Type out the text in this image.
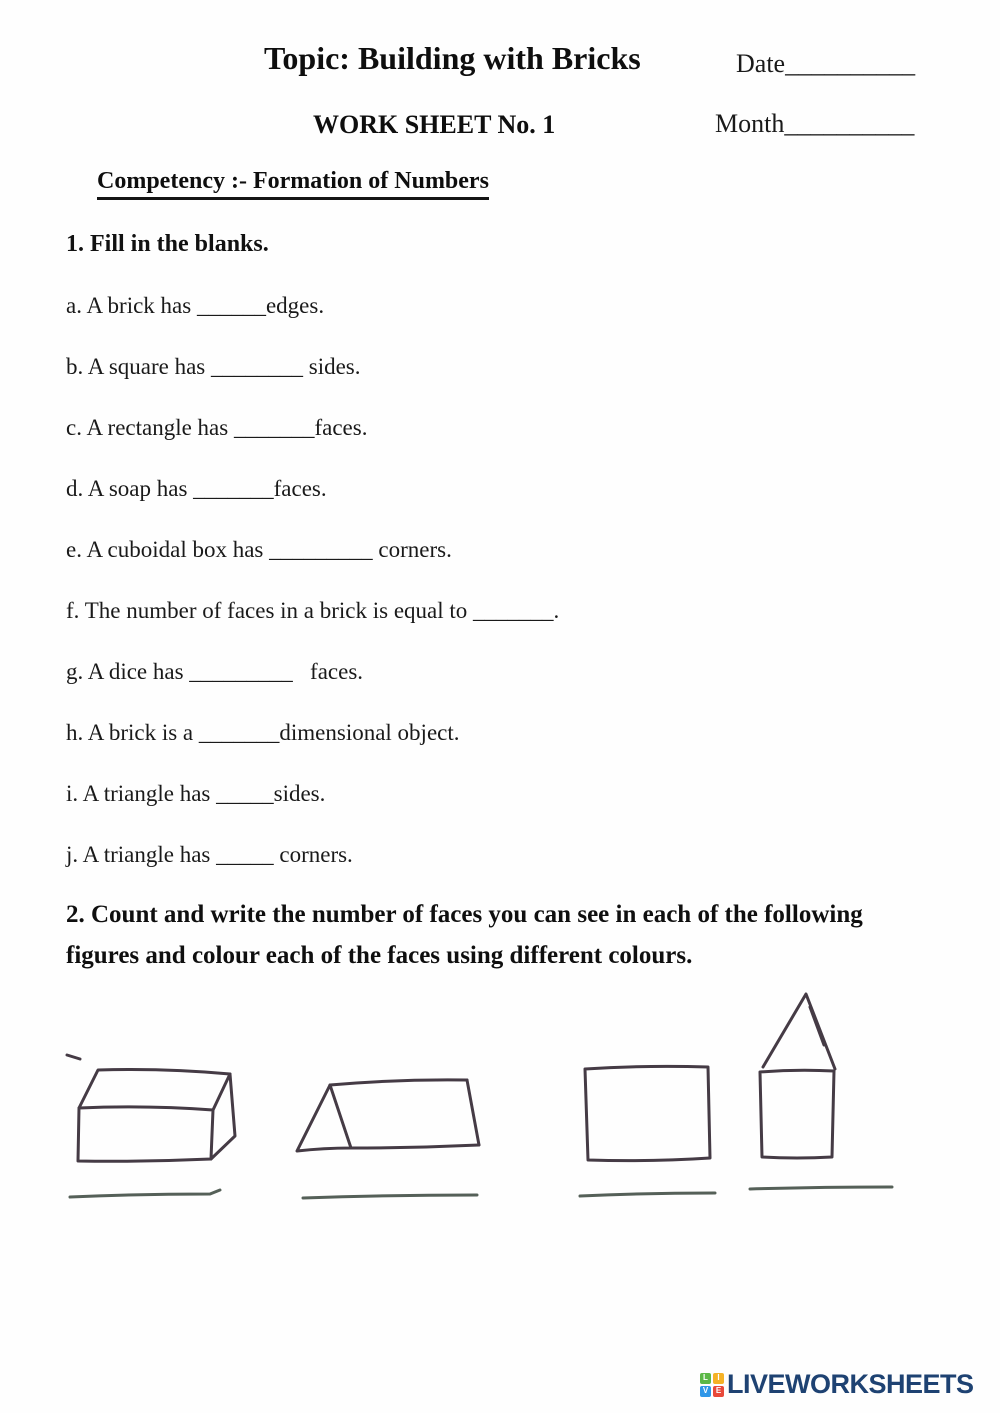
Topic: Building with Bricks	Date__________
WORK SHEET No. 1	Month__________
Competency :- Formation of Numbers
1. Fill in the blanks.
a. A brick has ______edges.
b. A square has ________ sides.
c. A rectangle has _______faces.
d. A soap has _______faces.
e. A cuboidal box has _________ corners.
f. The number of faces in a brick is equal to _______.
g. A dice has _________   faces.
h. A brick is a _______dimensional object.
i. A triangle has _____sides.
j. A triangle has _____ corners.
2. Count and write the number of faces you can see in each of the following
figures and colour each of the faces using different colours.
L	I
V E LIVEWORKSHEETS
